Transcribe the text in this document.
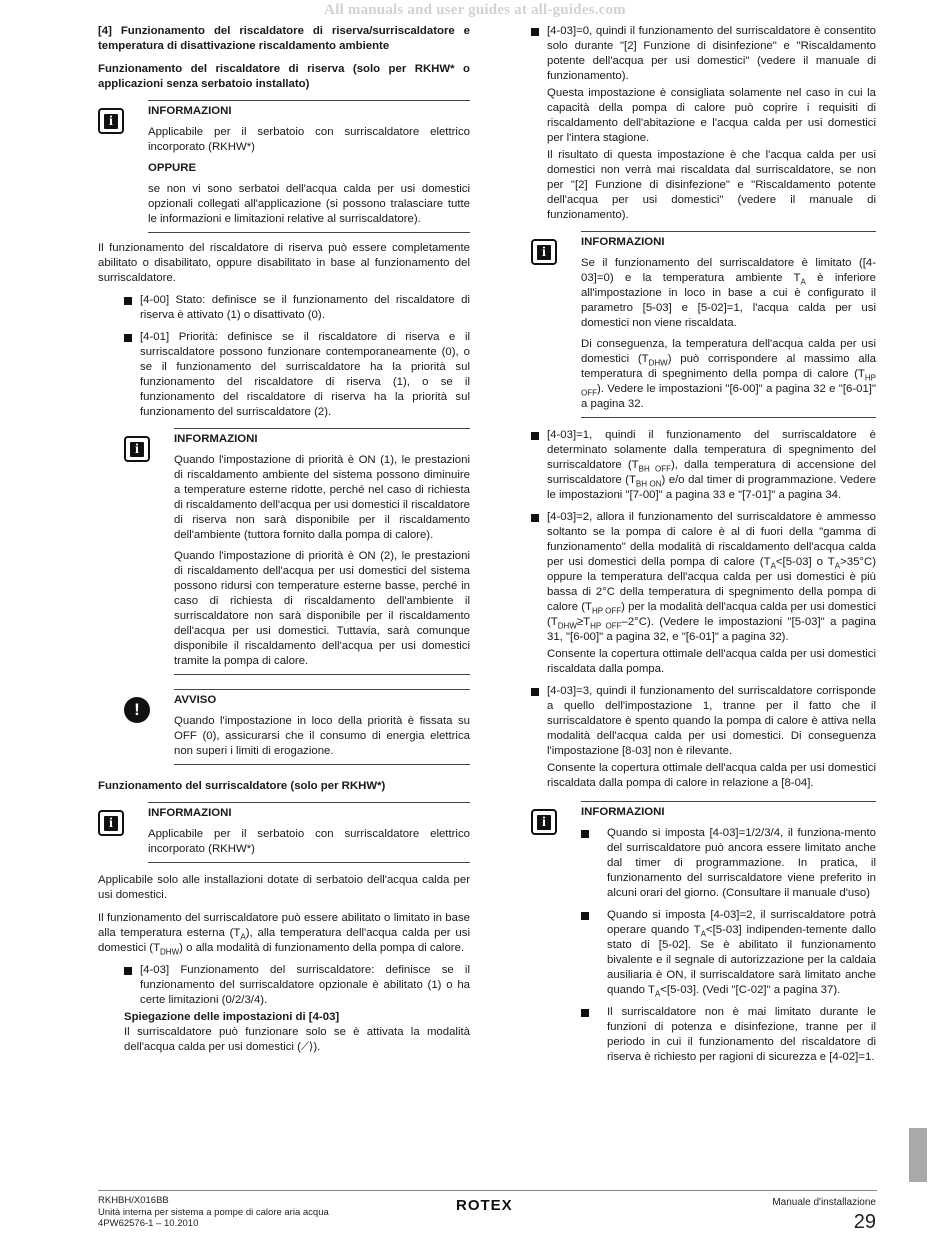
All manuals and user guides at all-guides.com

[4] Funzionamento del riscaldatore di riserva/surriscaldatore e temperatura di disattivazione riscaldamento ambiente

Funzionamento del riscaldatore di riserva (solo per RKHW* o applicazioni senza serbatoio installato)

i
INFORMAZIONI

Applicabile per il serbatoio con surriscaldatore elettrico incorporato (RKHW*)

OPPURE

se non vi sono serbatoi dell'acqua calda per usi domestici opzionali collegati all'applicazione (si possono tralasciare tutte le informazioni e limitazioni relative al surriscaldatore).

Il funzionamento del riscaldatore di riserva può essere completamente abilitato o disabilitato, oppure disabilitato in base al funzionamento del surriscaldatore.

[4-00] Stato: definisce se il funzionamento del riscaldatore di riserva è attivato (1) o disattivato (0).
[4-01] Priorità: definisce se il riscaldatore di riserva e il surriscaldatore possono funzionare contemporaneamente (0), o se il funzionamento del surriscaldatore ha la priorità sul funzionamento del riscaldatore di riserva (1), o se il funzionamento del riscaldatore di riserva ha la priorità sul funzionamento del surriscaldatore (2).
i
INFORMAZIONI

Quando l'impostazione di priorità è ON (1), le prestazioni di riscaldamento ambiente del sistema possono diminuire a temperature esterne ridotte, perché nel caso di richiesta di riscaldamento dell'acqua per usi domestici il riscaldatore di riserva non sarà disponibile per il riscaldamento dell'ambiente (tuttora fornito dalla pompa di calore).

Quando l'impostazione di priorità è ON (2), le prestazioni di riscaldamento dell'acqua per usi domestici del sistema possono ridursi con temperature esterne basse, perché in caso di richiesta di riscaldamento dell'ambiente il surriscaldatore non sarà disponibile per il riscaldamento dell'acqua per usi domestici. Tuttavia, sarà comunque disponibile il riscaldamento dell'acqua per usi domestici tramite la pompa di calore.

!	AVVISO

Quando l'impostazione in loco della priorità è fissata su OFF (0), assicurarsi che il consumo di energia elettrica non superi i limiti di erogazione.

Funzionamento del surriscaldatore (solo per RKHW*)

i
INFORMAZIONI

Applicabile per il serbatoio con surriscaldatore elettrico incorporato (RKHW*)

Applicabile solo alle installazioni dotate di serbatoio dell'acqua calda per usi domestici.

Il funzionamento del surriscaldatore può essere abilitato o limitato in base alla temperatura esterna $(T_A)$, alla temperatura dell'acqua calda per usi domestici $(T_{DHW})$ o alla modalità di funzionamento della pompa di calore.

[4-03] Funzionamento del surriscaldatore: definisce se il funzionamento del surriscaldatore opzionale è abilitato (1) o ha certe limitazioni (0/2/3/4).

Spiegazione delle impostazioni di [4-03]

Il surriscaldatore può funzionare solo se è attivata la modalità dell'acqua calda per usi domestici (⟋⟩).

[4-03]=0, quindi il funzionamento del surriscaldatore è consentito solo durante "[2] Funzione di disinfezione" e "Riscaldamento potente dell'acqua per usi domestici" (vedere il manuale di funzionamento).

Questa impostazione è consigliata solamente nel caso in cui la capacità della pompa di calore può coprire i requisiti di riscaldamento dell'abitazione e l'acqua calda per usi domestici per l'intera stagione.

Il risultato di questa impostazione è che l'acqua calda per usi domestici non verrà mai riscaldata dal surriscaldatore, se non per "[2] Funzione di disinfezione" e "Riscaldamento potente dell'acqua per usi domestici" (vedere il manuale di funzionamento).

i
INFORMAZIONI

Se il funzionamento del surriscaldatore è limitato ([4-03]=0) e la temperatura ambiente $T_A$ è inferiore all'impostazione in loco in base a cui è configurato il parametro [5-03] e [5-02]=1, l'acqua calda per usi domestici non viene riscaldata.

Di conseguenza, la temperatura dell'acqua calda per usi domestici $(T_{DHW})$ può corrispondere al massimo alla temperatura di spegnimento della pompa di calore $(T_{HP OFF})$. Vedere le impostazioni "[6-00]" a pagina 32 e "[6-01]" a pagina 32.

[4-03]=1, quindi il funzionamento del surriscaldatore è determinato solamente dalla temperatura di spegnimento del surriscaldatore $(T_{BH OFF})$, dalla temperatura di accensione del surriscaldatore $(T_{BH ON})$ e/o dal timer di programmazione. Vedere le impostazioni "[7-00]" a pagina 33 e "[7-01]" a pagina 34.

[4-03]=2, allora il funzionamento del surriscaldatore è ammesso soltanto se la pompa di calore è al di fuori della "gamma di funzionamento" della modalità di riscaldamento dell'acqua calda per usi domestici della pompa di calore ($T_A<[5-03]$ o $T_A>35^\circ C$) oppure la temperatura dell'acqua calda per usi domestici è più bassa di 2°C della temperatura di spegnimento della pompa di calore $(T_{HP OFF})$ per la modalità dell'acqua calda per usi domestici $(T_{DHW}\ge T_{HP OFF}-2^\circ C)$. (Vedere le impostazioni "[5-03]" a pagina 31, "[6-00]" a pagina 32, e "[6-01]" a pagina 32).

Consente la copertura ottimale dell'acqua calda per usi domestici riscaldata dalla pompa.

[4-03]=3, quindi il funzionamento del surriscaldatore corrisponde a quello dell'impostazione 1, tranne per il fatto che il surriscaldatore è spento quando la pompa di calore è attiva nella modalità dell'acqua calda per usi domestici. Di conseguenza l'impostazione [8-03] non è rilevante.

Consente la copertura ottimale dell'acqua calda per usi domestici riscaldata dalla pompa di calore in relazione a [8-04].

i
INFORMAZIONI
Quando si imposta [4-03]=1/2/3/4, il funziona-mento del surriscaldatore può ancora essere limitato anche dal timer di programmazione. In pratica, il funzionamento del surriscaldatore viene preferito in alcuni orari del giorno. (Consultare il manuale d'uso)
Quando si imposta [4-03]=2, il surriscaldatore potrà operare quando $T_A<[5-03]$ indipenden-tementе dallo stato di [5-02]. Se è abilitato il funzionamento bivalente e il segnale di autorizzazione per la caldaia ausiliaria è ON, il surriscaldatore sarà limitato anche quando $T_A<[5-03]$. (Vedi "[C-02]" a pagina 37).
Il surriscaldatore non è mai limitato durante le funzioni di potenza e disinfezione, tranne per il periodo in cui il funzionamento del riscaldatore di riserva è richiesto per ragioni di sicurezza e [4-02]=1.
RKHBH/X016BB
Unità interna per sistema a pompe di calore aria acqua
4PW62576-1 – 10.2010
ROTEX	Manuale d'installazione
29
